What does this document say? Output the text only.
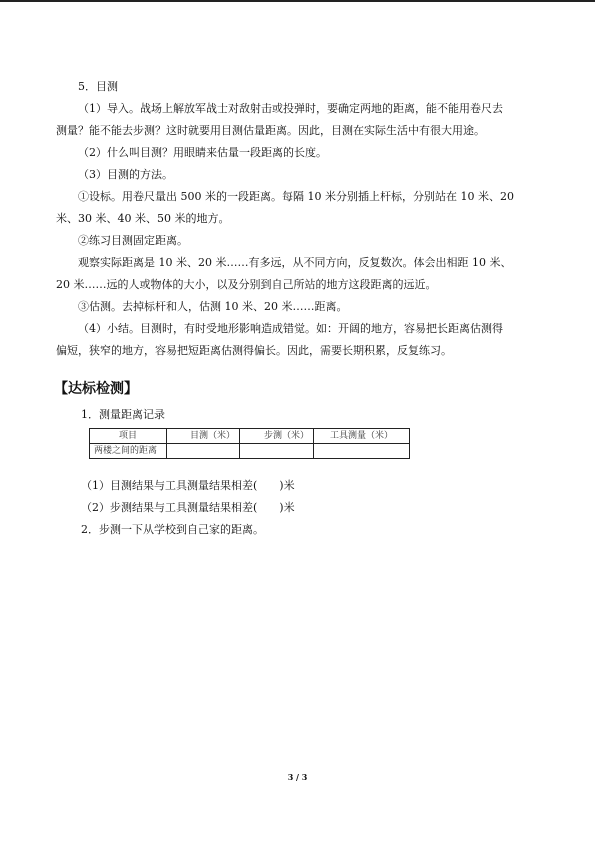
5．目测
（1）导入。战场上解放军战士对敌射击或投弹时，要确定两地的距离，能不能用卷尺去
测量？能不能去步测？这时就要用目测估量距离。因此，目测在实际生活中有很大用途。
（2）什么叫目测？用眼睛来估量一段距离的长度。
（3）目测的方法。
①设标。用卷尺量出 500 米的一段距离。每隔 10 米分别插上杆标，分别站在 10 米、20
米、30 米、40 米、50 米的地方。
②练习目测固定距离。
观察实际距离是 10 米、20 米……有多远，从不同方向，反复数次。体会出相距 10 米、
20 米……远的人或物体的大小，以及分别到自己所站的地方这段距离的远近。
③估测。去掉标杆和人，估测 10 米、20 米……距离。
（4）小结。目测时，有时受地形影响造成错觉。如：开阔的地方，容易把长距离估测得
偏短，狭窄的地方，容易把短距离估测得偏长。因此，需要长期积累，反复练习。
【达标检测】
1．测量距离记录
项目	目测（米）	步测（米）	工具测量（米）
两楼之间的距离			
（1）目测结果与工具测量结果相差(　　)米
（2）步测结果与工具测量结果相差(　　)米
2．步测一下从学校到自己家的距离。
3 / 3
